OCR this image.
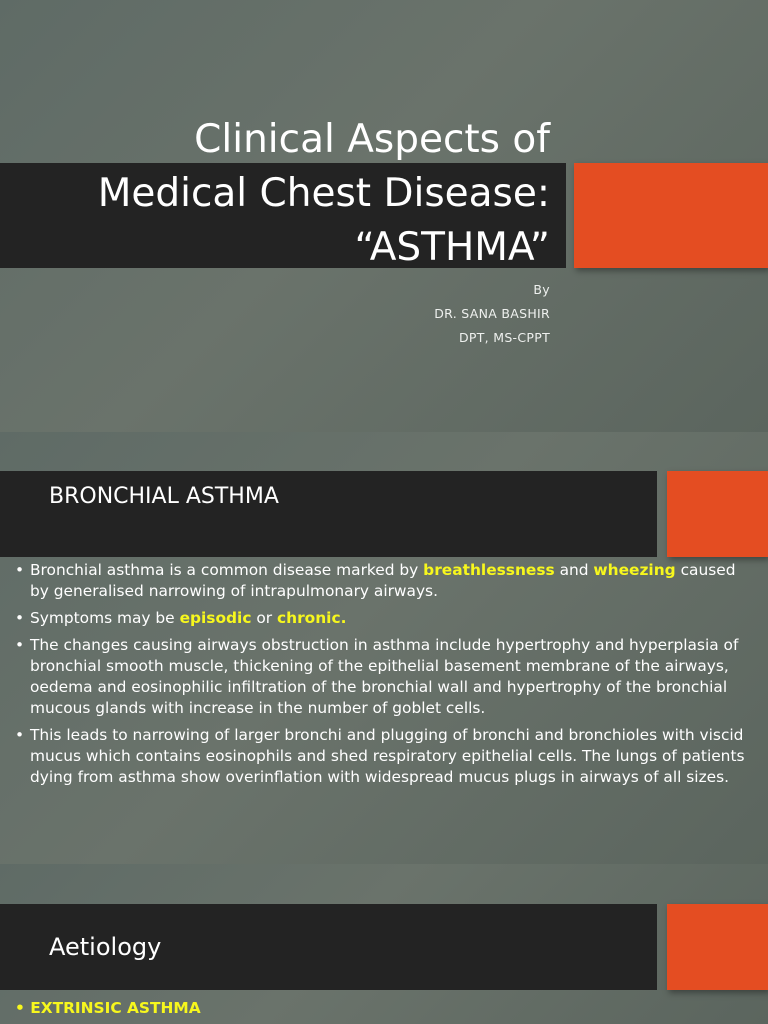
Clinical Aspects of
Medical Chest Disease:
“ASTHMA”
By
DR. SANA BASHIR
DPT, MS-CPPT
BRONCHIAL ASTHMA
• Bronchial asthma is a common disease marked by breathlessness and wheezing caused by generalised narrowing of intrapulmonary airways.
• Symptoms may be episodic or chronic.
• The changes causing airways obstruction in asthma include hypertrophy and hyperplasia of bronchial smooth muscle, thickening of the epithelial basement membrane of the airways, oedema and eosinophilic infiltration of the bronchial wall and hypertrophy of the bronchial mucous glands with increase in the number of goblet cells.
• This leads to narrowing of larger bronchi and plugging of bronchi and bronchioles with viscid mucus which contains eosinophils and shed respiratory epithelial cells. The lungs of patients dying from asthma show overinflation with widespread mucus plugs in airways of all sizes.
Aetiology
• EXTRINSIC ASTHMA
